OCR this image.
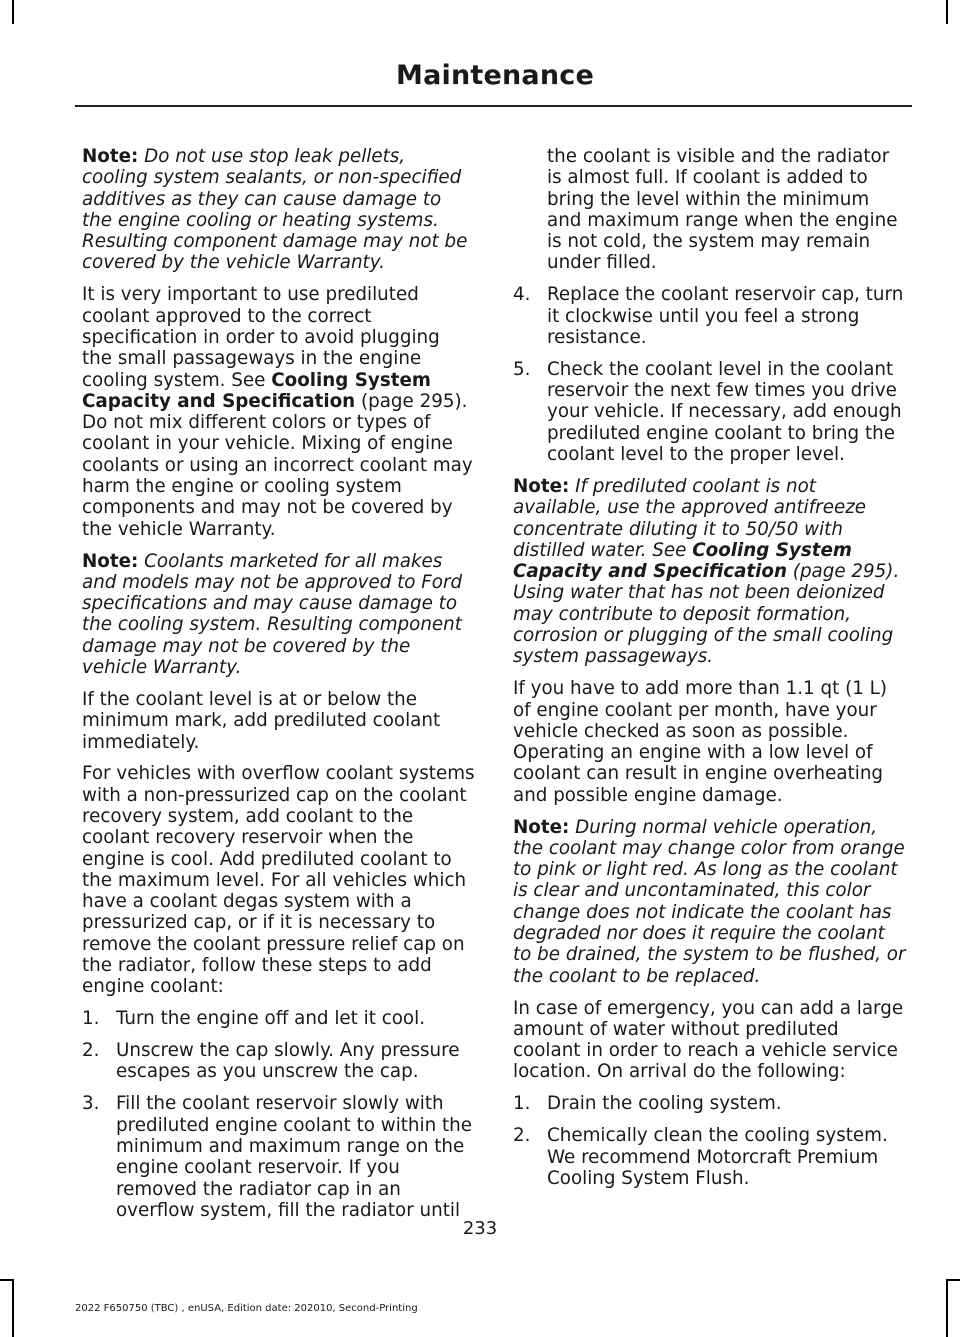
Maintenance

Note: Do not use stop leak pellets, cooling system sealants, or non-specified additives as they can cause damage to the engine cooling or heating systems. Resulting component damage may not be covered by the vehicle Warranty.

It is very important to use prediluted coolant approved to the correct specification in order to avoid plugging the small passageways in the engine cooling system. See Cooling System Capacity and Specification (page 295). Do not mix different colors or types of coolant in your vehicle. Mixing of engine coolants or using an incorrect coolant may harm the engine or cooling system components and may not be covered by the vehicle Warranty.

Note: Coolants marketed for all makes and models may not be approved to Ford specifications and may cause damage to the cooling system. Resulting component damage may not be covered by the vehicle Warranty.

If the coolant level is at or below the minimum mark, add prediluted coolant immediately.

For vehicles with overflow coolant systems with a non-pressurized cap on the coolant recovery system, add coolant to the coolant recovery reservoir when the engine is cool. Add prediluted coolant to the maximum level. For all vehicles which have a coolant degas system with a pressurized cap, or if it is necessary to remove the coolant pressure relief cap on the radiator, follow these steps to add engine coolant:

1. Turn the engine off and let it cool.
2. Unscrew the cap slowly. Any pressure escapes as you unscrew the cap.
3. Fill the coolant reservoir slowly with prediluted engine coolant to within the minimum and maximum range on the engine coolant reservoir. If you removed the radiator cap in an overflow system, fill the radiator until
the coolant is visible and the radiator is almost full. If coolant is added to bring the level within the minimum and maximum range when the engine is not cold, the system may remain under filled.
4. Replace the coolant reservoir cap, turn it clockwise until you feel a strong resistance.
5. Check the coolant level in the coolant reservoir the next few times you drive your vehicle. If necessary, add enough prediluted engine coolant to bring the coolant level to the proper level.

Note: If prediluted coolant is not available, use the approved antifreeze concentrate diluting it to 50/50 with distilled water. See Cooling System Capacity and Specification (page 295). Using water that has not been deionized may contribute to deposit formation, corrosion or plugging of the small cooling system passageways.

If you have to add more than 1.1 qt (1 L) of engine coolant per month, have your vehicle checked as soon as possible. Operating an engine with a low level of coolant can result in engine overheating and possible engine damage.

Note: During normal vehicle operation, the coolant may change color from orange to pink or light red. As long as the coolant is clear and uncontaminated, this color change does not indicate the coolant has degraded nor does it require the coolant to be drained, the system to be flushed, or the coolant to be replaced.

In case of emergency, you can add a large amount of water without prediluted coolant in order to reach a vehicle service location. On arrival do the following:

1. Drain the cooling system.
2. Chemically clean the cooling system. We recommend Motorcraft Premium Cooling System Flush.
233
2022 F650750 (TBC) , enUSA, Edition date: 202010, Second-Printing
